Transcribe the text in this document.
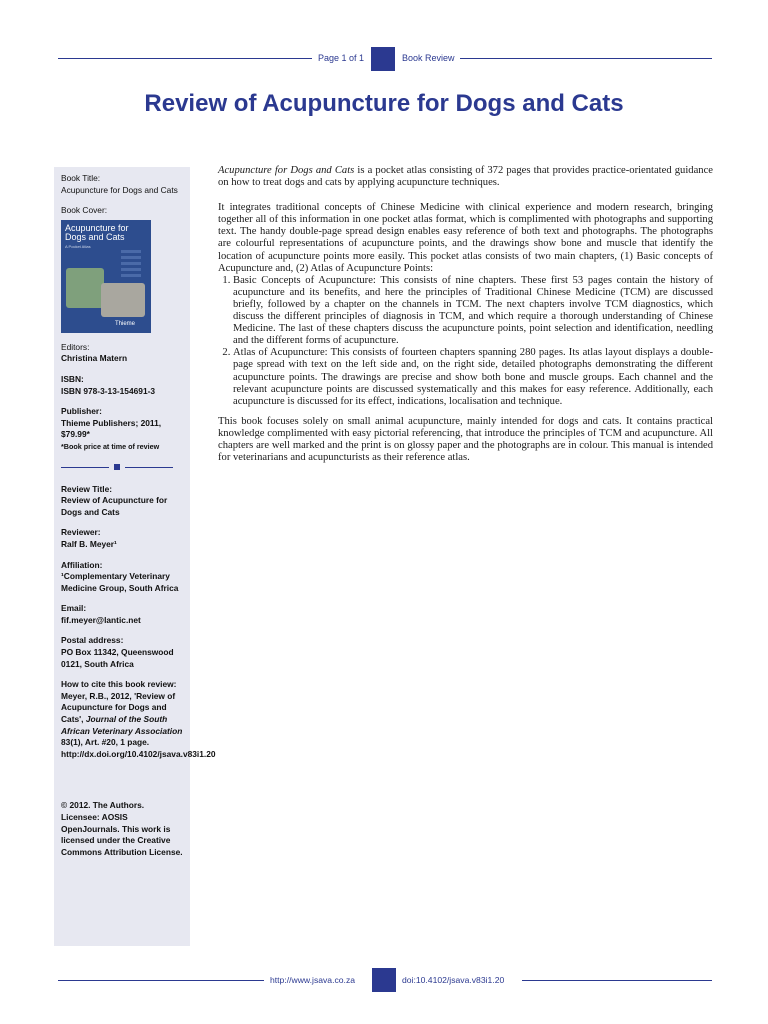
Page 1 of 1	Book Review
Review of Acupuncture for Dogs and Cats
Book Title:
Acupuncture for Dogs and Cats
Book Cover:
Acupuncture for Dogs and Cats
A Pocket Atlas
Thieme
Editors:
Christina Matern
ISBN:
ISBN 978-3-13-154691-3
Publisher:
Thieme Publishers; 2011, $79.99*
*Book price at time of review
Review Title:
Review of Acupuncture for Dogs and Cats
Reviewer:
Ralf B. Meyer¹
Affiliation:
¹Complementary Veterinary Medicine Group, South Africa
Email:
fif.meyer@lantic.net
Postal address:
PO Box 11342, Queenswood 0121, South Africa
How to cite this book review:
Meyer, R.B., 2012, 'Review of Acupuncture for Dogs and Cats', Journal of the South African Veterinary Association 83(1), Art. #20, 1 page. http://dx.doi.org/10.4102/jsava.v83i1.20
© 2012. The Authors. Licensee: AOSIS OpenJournals. This work is licensed under the Creative Commons Attribution License.

Acupuncture for Dogs and Cats is a pocket atlas consisting of 372 pages that provides practice-orientated guidance on how to treat dogs and cats by applying acupuncture techniques.

It integrates traditional concepts of Chinese Medicine with clinical experience and modern research, bringing together all of this information in one pocket atlas format, which is complimented with photographs and supporting text. The handy double-page spread design enables easy reference of both text and photographs. The photographs are colourful representations of acupuncture points, and the drawings show bone and muscle that identify the location of acupuncture points more easily. This pocket atlas consists of two main chapters, (1) Basic concepts of Acupuncture and, (2) Atlas of Acupuncture Points:

1. Basic Concepts of Acupuncture: This consists of nine chapters. These first 53 pages contain the history of acupuncture and its benefits, and here the principles of Traditional Chinese Medicine (TCM) are discussed briefly, followed by a chapter on the channels in TCM. The next chapters involve TCM diagnostics, which discuss the different principles of diagnosis in TCM, and which require a thorough understanding of Chinese Medicine. The last of these chapters discuss the acupuncture points, point selection and identification, needling and the different forms of acupuncture.
2. Atlas of Acupuncture: This consists of fourteen chapters spanning 280 pages. Its atlas layout displays a double-page spread with text on the left side and, on the right side, detailed photographs demonstrating the different acupuncture points. The drawings are precise and show both bone and muscle groups. Each channel and the relevant acupuncture points are discussed systematically and this makes for easy reference. Additionally, each acupuncture is discussed for its effect, indications, localisation and technique.

This book focuses solely on small animal acupuncture, mainly intended for dogs and cats. It contains practical knowledge complimented with easy pictorial referencing, that introduce the principles of TCM and acupuncture. All chapters are well marked and the print is on glossy paper and the photographs are in colour. This manual is intended for veterinarians and acupuncturists as their reference atlas.

http://www.jsava.co.za	doi:10.4102/jsava.v83i1.20
